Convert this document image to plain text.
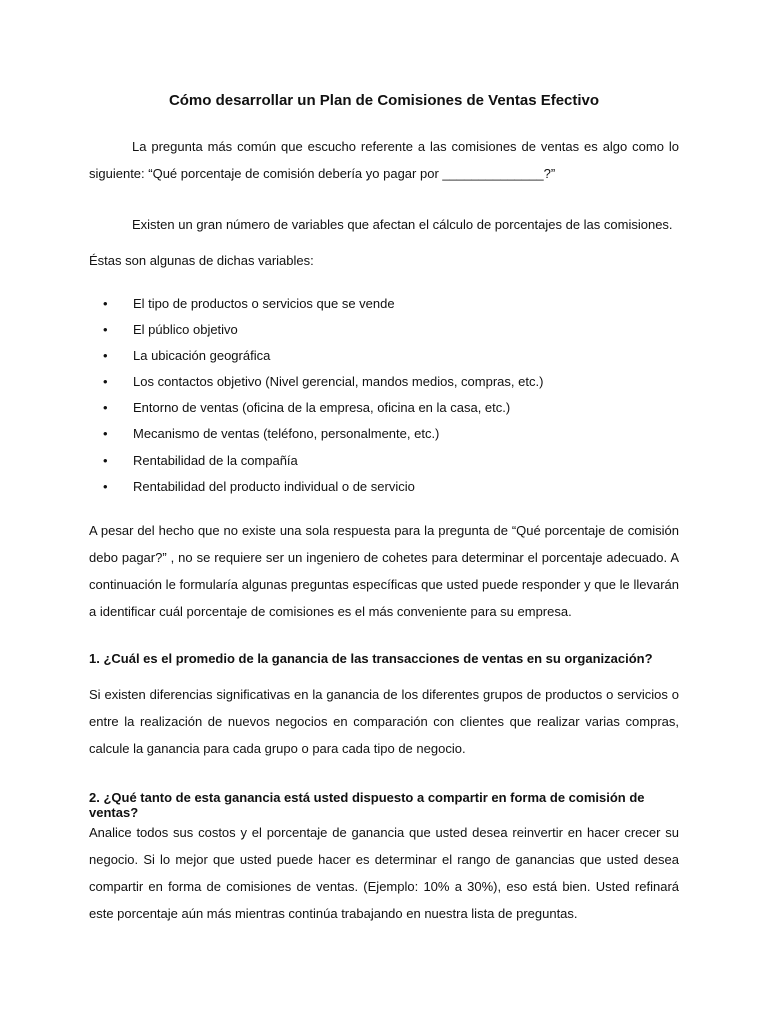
Cómo desarrollar un Plan de Comisiones de Ventas Efectivo

La pregunta más común que escucho referente a las comisiones de ventas es algo como lo siguiente: “Qué porcentaje de comisión debería yo pagar por ______________?”

Existen un gran número de variables que afectan el cálculo de porcentajes de las comisiones.

Éstas son algunas de dichas variables:

• El tipo de productos o servicios que se vende
• El público objetivo
• La ubicación geográfica
• Los contactos objetivo (Nivel gerencial, mandos medios, compras, etc.)
• Entorno de ventas (oficina de la empresa, oficina en la casa, etc.)
• Mecanismo de ventas (teléfono, personalmente, etc.)
• Rentabilidad de la compañía
• Rentabilidad del producto individual o de servicio

A pesar del hecho que no existe una sola respuesta para la pregunta de “Qué porcentaje de comisión debo pagar?” , no se requiere ser un ingeniero de cohetes para determinar el porcentaje adecuado. A continuación le formularía algunas preguntas específicas que usted puede responder y que le llevarán a identificar cuál porcentaje de comisiones es el más conveniente para su empresa.

1. ¿Cuál es el promedio de la ganancia de las transacciones de ventas en su organización?

Si existen diferencias significativas en la ganancia de los diferentes grupos de productos o servicios o entre la realización de nuevos negocios en comparación con clientes que realizar varias compras, calcule la ganancia para cada grupo o para cada tipo de negocio.

2. ¿Qué tanto de esta ganancia está usted dispuesto a compartir en forma de comisión de ventas?

Analice todos sus costos y el porcentaje de ganancia que usted desea reinvertir en hacer crecer su negocio. Si lo mejor que usted puede hacer es determinar el rango de ganancias que usted desea compartir en forma de comisiones de ventas. (Ejemplo: 10% a 30%), eso está bien. Usted refinará este porcentaje aún más mientras continúa trabajando en nuestra lista de preguntas.
